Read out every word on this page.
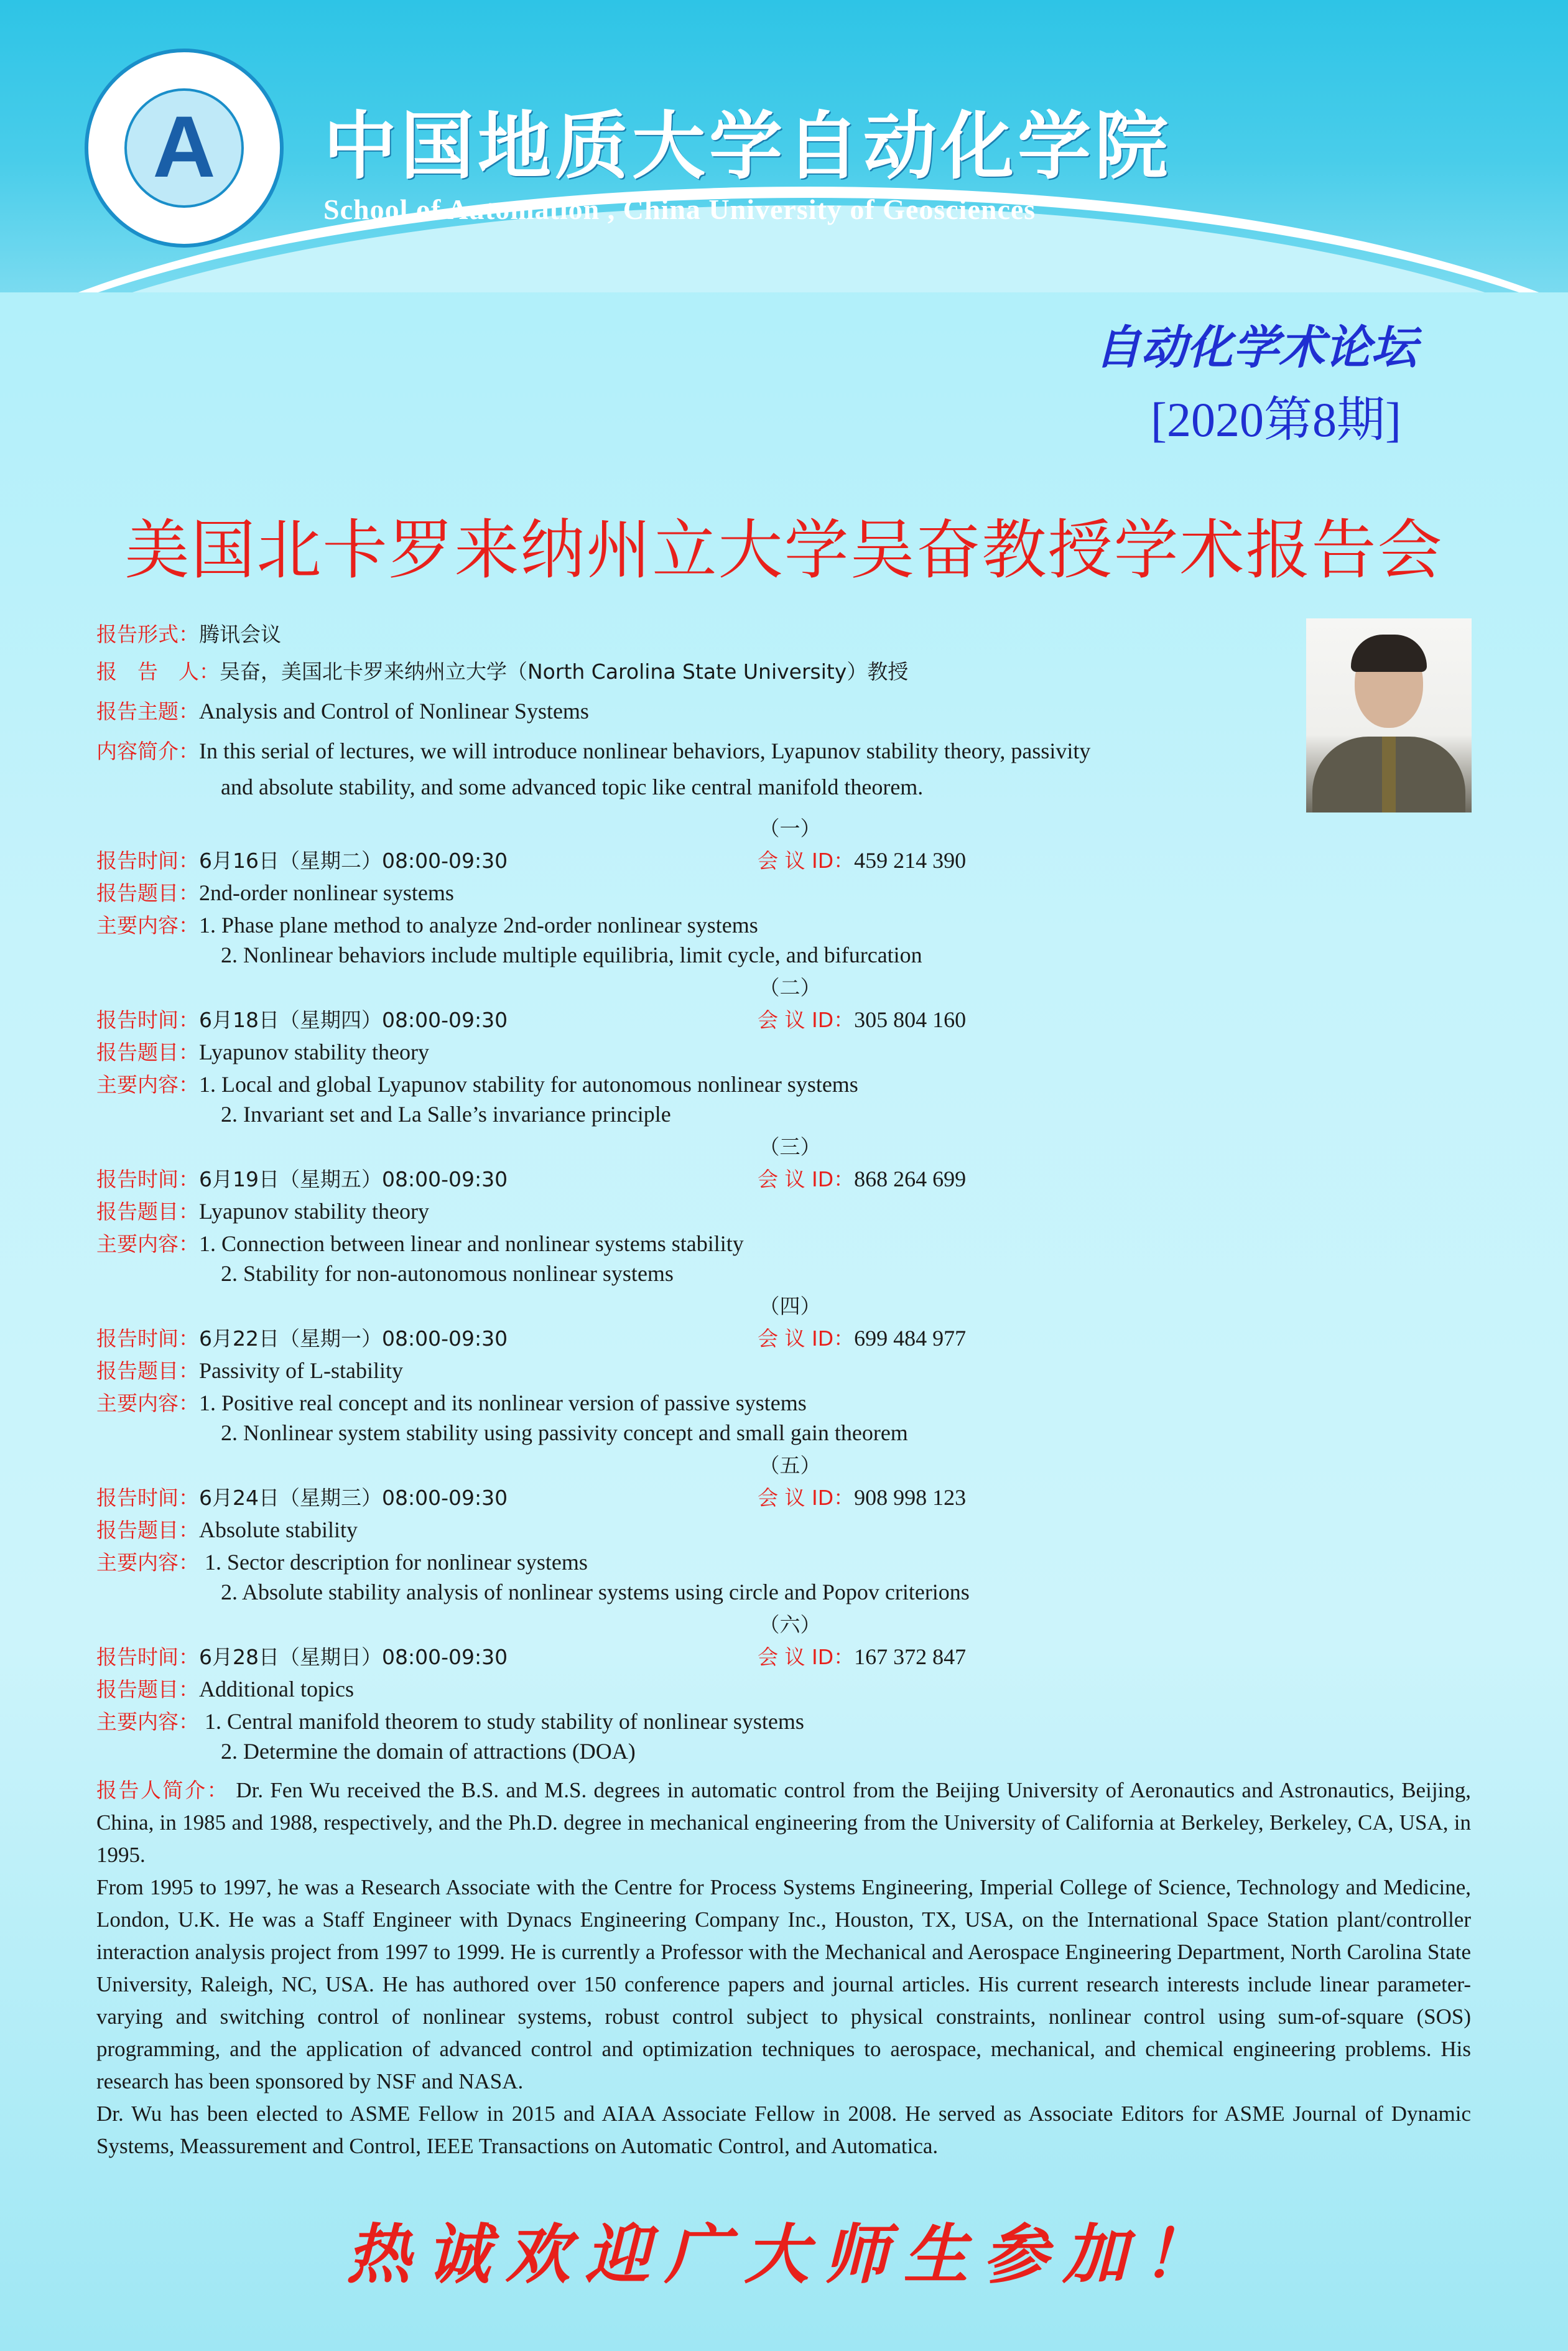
A	中国地质大学自动化学院
School of Automation , China University of Geosciences
自动化学术论坛
[2020第8期]
美国北卡罗来纳州立大学吴奋教授学术报告会
报告形式：腾讯会议
报　告　人：吴奋，美国北卡罗来纳州立大学（North Carolina State University）教授
报告主题：Analysis and Control of Nonlinear Systems
内容简介：In this serial of lectures, we will introduce nonlinear behaviors, Lyapunov stability theory, passivity
and absolute stability, and some advanced topic like central manifold theorem.
（一）
报告时间：6月16日（星期二）08:00-09:30	会 议 ID：459 214 390
报告题目：2nd-order nonlinear systems
主要内容：1. Phase plane method to analyze 2nd-order nonlinear systems
2. Nonlinear behaviors include multiple equilibria, limit cycle, and bifurcation
（二）
报告时间：6月18日（星期四）08:00-09:30	会 议 ID：305 804 160
报告题目：Lyapunov stability theory
主要内容：1. Local and global Lyapunov stability for autonomous nonlinear systems
2. Invariant set and La Salle’s invariance principle
（三）
报告时间：6月19日（星期五）08:00-09:30	会 议 ID：868 264 699
报告题目：Lyapunov stability theory
主要内容：1. Connection between linear and nonlinear systems stability
2. Stability for non-autonomous nonlinear systems
（四）
报告时间：6月22日（星期一）08:00-09:30	会 议 ID：699 484 977
报告题目：Passivity of L-stability
主要内容：1. Positive real concept and its nonlinear version of passive systems
2. Nonlinear system stability using passivity concept and small gain theorem
（五）
报告时间：6月24日（星期三）08:00-09:30	会 议 ID：908 998 123
报告题目：Absolute stability
主要内容： 1. Sector description for nonlinear systems
2. Absolute stability analysis of nonlinear systems using circle and Popov criterions
（六）
报告时间：6月28日（星期日）08:00-09:30	会 议 ID：167 372 847
报告题目：Additional topics
主要内容： 1. Central manifold theorem to study stability of nonlinear systems
2. Determine the domain of attractions (DOA)

报告人简介： Dr. Fen Wu received the B.S. and M.S. degrees in automatic control from the Beijing University of Aeronautics and Astronautics, Beijing, China, in 1985 and 1988, respectively, and the Ph.D. degree in mechanical engineering from the University of California at Berkeley, Berkeley, CA, USA, in 1995.

From 1995 to 1997, he was a Research Associate with the Centre for Process Systems Engineering, Imperial College of Science, Technology and Medicine, London, U.K. He was a Staff Engineer with Dynacs Engineering Company Inc., Houston, TX, USA, on the International Space Station plant/controller interaction analysis project from 1997 to 1999. He is currently a Professor with the Mechanical and Aerospace Engineering Department, North Carolina State University, Raleigh, NC, USA. He has authored over 150 conference papers and journal articles. His current research interests include linear parameter-varying and switching control of nonlinear systems, robust control subject to physical constraints, nonlinear control using sum-of-square (SOS) programming, and the application of advanced control and optimization techniques to aerospace, mechanical, and chemical engineering problems. His research has been sponsored by NSF and NASA.

Dr. Wu has been elected to ASME Fellow in 2015 and AIAA Associate Fellow in 2008. He served as Associate Editors for ASME Journal of Dynamic Systems, Meassurement and Control, IEEE Transactions on Automatic Control, and Automatica.

热诚欢迎广大师生参加！
